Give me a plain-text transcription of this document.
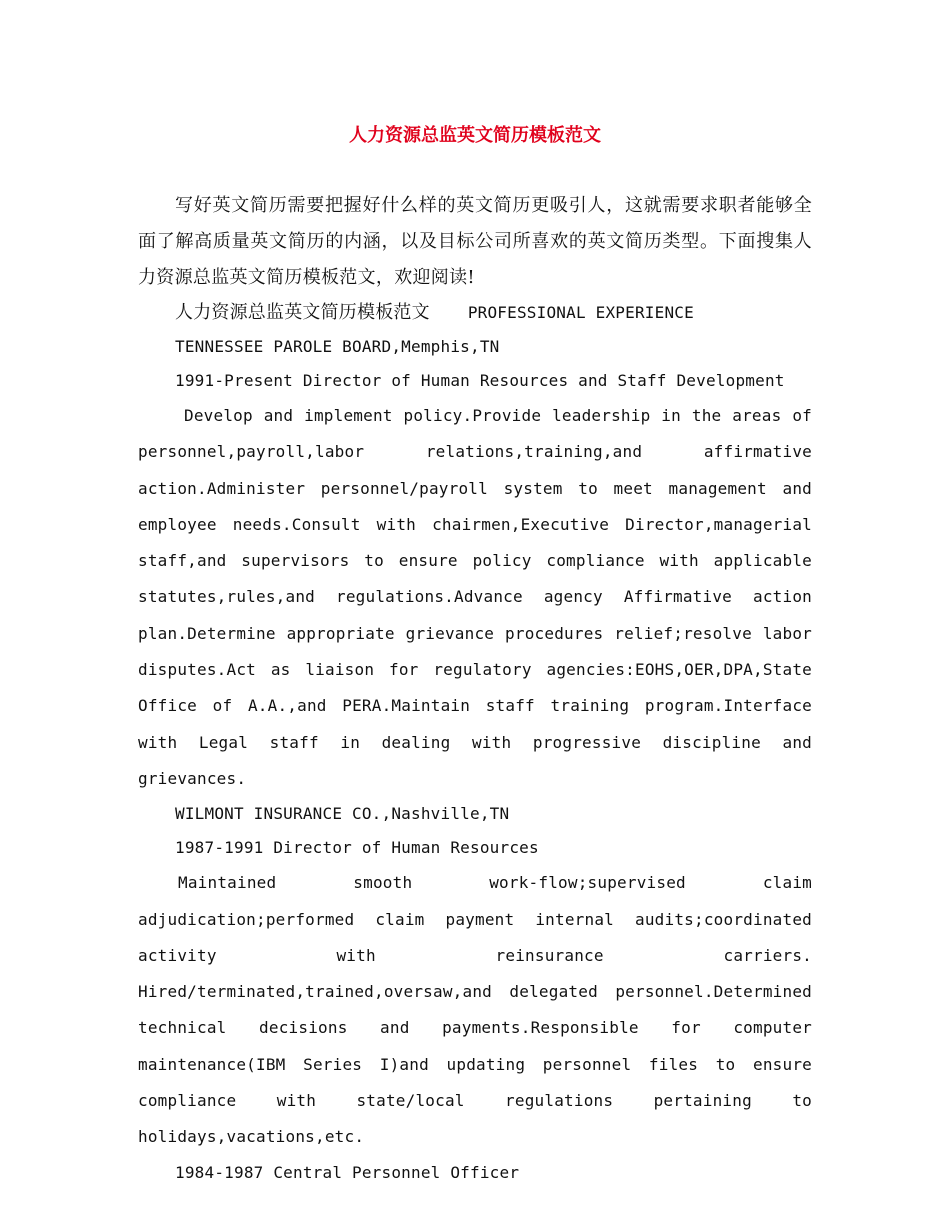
人力资源总监英文简历模板范文

写好英文简历需要把握好什么样的英文简历更吸引人，这就需要求职者能够全面了解高质量英文简历的内涵，以及目标公司所喜欢的英文简历类型。下面搜集人力资源总监英文简历模板范文，欢迎阅读!

人力资源总监英文简历模板范文 PROFESSIONAL EXPERIENCE

TENNESSEE PAROLE BOARD,Memphis,TN

1991-Present Director of Human Resources and Staff Development

Develop and implement policy.Provide leadership in the areas of personnel,payroll,labor relations,training,and affirmative action.Administer personnel/payroll system to meet management and employee needs.Consult with chairmen,Executive Director,managerial staff,and supervisors to ensure policy compliance with applicable statutes,rules,and regulations.Advance agency Affirmative action plan.Determine appropriate grievance procedures relief;resolve labor disputes.Act as liaison for regulatory agencies:EOHS,OER,DPA,State Office of A.A.,and PERA.Maintain staff training program.Interface with Legal staff in dealing with progressive discipline and grievances.

WILMONT INSURANCE CO.,Nashville,TN

1987-1991 Director of Human Resources

Maintained smooth work-flow;supervised claim adjudication;performed claim payment internal audits;coordinated activity with reinsurance carriers. Hired/terminated,trained,oversaw,and delegated personnel.Determined technical decisions and payments.Responsible for computer maintenance(IBM Series I)and updating personnel files to ensure compliance with state/local regulations pertaining to holidays,vacations,etc.

1984-1987 Central Personnel Officer
